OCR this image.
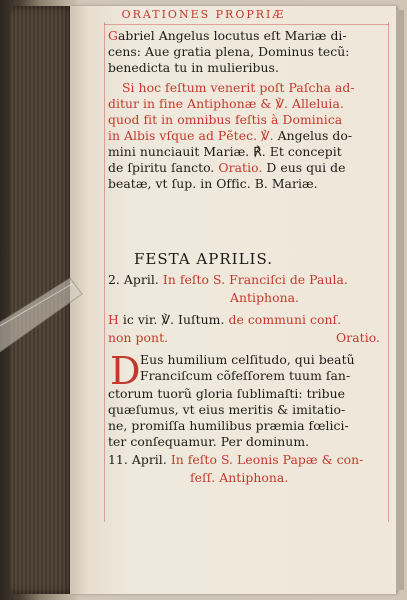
ORATIONES PROPRIÆ
Gabriel Angelus locutus eſt Mariæ di-
cens: Aue gratia plena, Dominus tecũ:
benedicta tu in mulieribus.
Si hoc feſtum venerit poſt Paſcha ad-
ditur in fine Antiphonæ & ℣. Alleluia.
quod fit in omnibus feſtis à Dominica
in Albis vſque ad Pẽtec. ℣. Angelus do-
mini nunciauit Mariæ. ℟. Et concepit
de ſpiritu ſancto. Oratio. D eus qui de
beatæ, vt ſup. in Offic. B. Mariæ.
FESTA APRILIS.
2. April. In feſto S. Franciſci de Paula.
Antiphona.
H ic vir. ℣. Iuſtum. de communi conſ.
non pont.	Oratio.
D Eus humilium celſitudo, qui beatũ
Franciſcum cõfeſſorem tuum ſan-
ctorum tuorũ gloria ſublimaſti: tribue
quæſumus, vt eius meritis & imitatio-
ne, promiſſa humilibus præmia fœlici-
ter conſequamur. Per dominum.
11. April. In feſto S. Leonis Papæ & con-
feſſ. Antiphona.
